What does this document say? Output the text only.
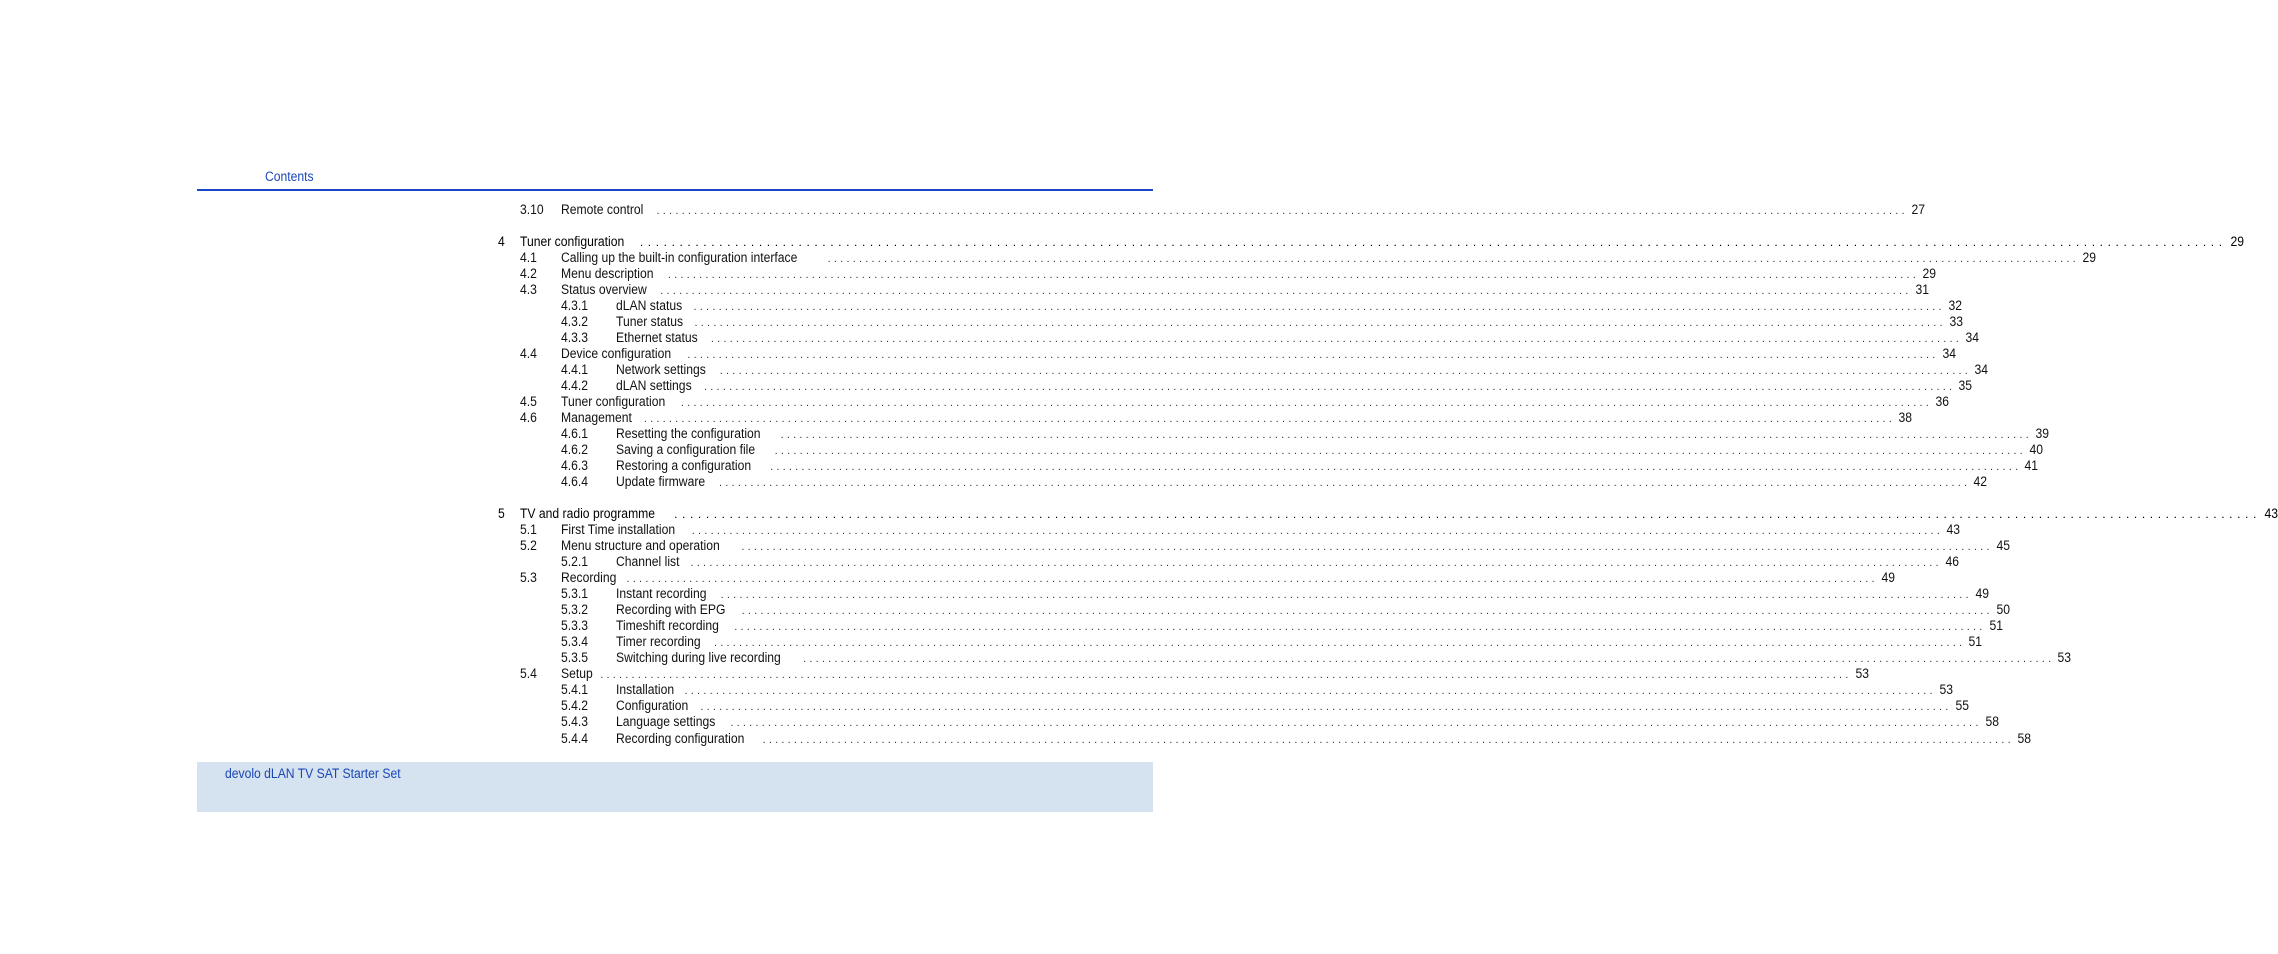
Contents
3.10 Remote control ........................................................................................................................................................................................................ 27
4 Tuner configuration ........................................................................................................................................................................................................ 29
4.1 Calling up the built-in configuration interface	........................................................................................................................................................................................................ 29
4.2 Menu description ........................................................................................................................................................................................................ 29
4.3 Status overview ........................................................................................................................................................................................................ 31
4.3.1 dLAN status ........................................................................................................................................................................................................ 32
4.3.2 Tuner status ........................................................................................................................................................................................................ 33
4.3.3 Ethernet status ........................................................................................................................................................................................................ 34
4.4 Device configuration ........................................................................................................................................................................................................ 34
4.4.1 Network settings ........................................................................................................................................................................................................ 34
4.4.2 dLAN settings ........................................................................................................................................................................................................ 35
4.5 Tuner configuration ........................................................................................................................................................................................................ 36
4.6 Management ........................................................................................................................................................................................................ 38
4.6.1 Resetting the configuration ........................................................................................................................................................................................................ 39
4.6.2 Saving a configuration file ........................................................................................................................................................................................................ 40
4.6.3 Restoring a configuration ........................................................................................................................................................................................................ 41
4.6.4 Update firmware ........................................................................................................................................................................................................ 42
5 TV and radio programme ........................................................................................................................................................................................................ 43
5.1 First Time installation ........................................................................................................................................................................................................ 43
5.2 Menu structure and operation ........................................................................................................................................................................................................ 45
5.2.1 Channel list ........................................................................................................................................................................................................ 46
5.3 Recording ........................................................................................................................................................................................................ 49
5.3.1 Instant recording ........................................................................................................................................................................................................ 49
5.3.2 Recording with EPG ........................................................................................................................................................................................................ 50
5.3.3 Timeshift recording ........................................................................................................................................................................................................ 51
5.3.4 Timer recording ........................................................................................................................................................................................................ 51
5.3.5 Switching during live recording ........................................................................................................................................................................................................ 53
5.4 Setup ........................................................................................................................................................................................................ 53
5.4.1 Installation ........................................................................................................................................................................................................ 53
5.4.2 Configuration ........................................................................................................................................................................................................ 55
5.4.3 Language settings ........................................................................................................................................................................................................ 58
5.4.4 Recording configuration ........................................................................................................................................................................................................ 58
devolo dLAN TV SAT Starter Set
